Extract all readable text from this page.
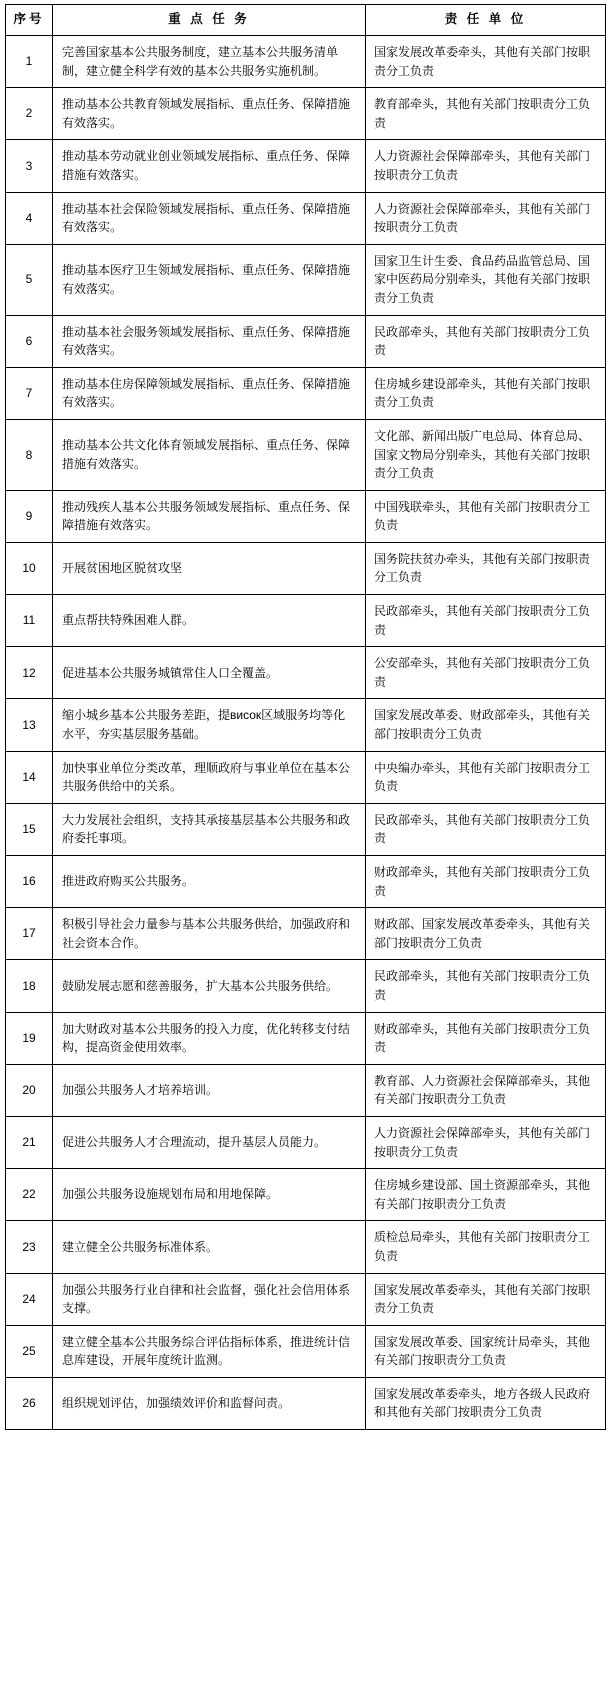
序号	重 点 任 务	责 任 单 位
1	完善国家基本公共服务制度，建立基本公共服务清单制，建立健全科学有效的基本公共服务实施机制。	国家发展改革委牵头，其他有关部门按职责分工负责
2	推动基本公共教育领域发展指标、重点任务、保障措施有效落实。	教育部牵头，其他有关部门按职责分工负责
3	推动基本劳动就业创业领域发展指标、重点任务、保障措施有效落实。	人力资源社会保障部牵头，其他有关部门按职责分工负责
4	推动基本社会保险领域发展指标、重点任务、保障措施有效落实。	人力资源社会保障部牵头，其他有关部门按职责分工负责
5	推动基本医疗卫生领域发展指标、重点任务、保障措施有效落实。	国家卫生计生委、食品药品监管总局、国家中医药局分别牵头，其他有关部门按职责分工负责
6	推动基本社会服务领域发展指标、重点任务、保障措施有效落实。	民政部牵头，其他有关部门按职责分工负责
7	推动基本住房保障领域发展指标、重点任务、保障措施有效落实。	住房城乡建设部牵头，其他有关部门按职责分工负责
8	推动基本公共文化体育领域发展指标、重点任务、保障措施有效落实。	文化部、新闻出版广电总局、体育总局、国家文物局分别牵头，其他有关部门按职责分工负责
9	推动残疾人基本公共服务领域发展指标、重点任务、保障措施有效落实。	中国残联牵头，其他有关部门按职责分工负责
10	开展贫困地区脱贫攻坚	国务院扶贫办牵头，其他有关部门按职责分工负责
11	重点帮扶特殊困难人群。	民政部牵头，其他有关部门按职责分工负责
12	促进基本公共服务城镇常住人口全覆盖。	公安部牵头，其他有关部门按职责分工负责
13	缩小城乡基本公共服务差距，提висок区域服务均等化水平，夯实基层服务基础。	国家发展改革委、财政部牵头，其他有关部门按职责分工负责
14	加快事业单位分类改革，理顺政府与事业单位在基本公共服务供给中的关系。	中央编办牵头，其他有关部门按职责分工负责
15	大力发展社会组织，支持其承接基层基本公共服务和政府委托事项。	民政部牵头，其他有关部门按职责分工负责
16	推进政府购买公共服务。	财政部牵头，其他有关部门按职责分工负责
17	积极引导社会力量参与基本公共服务供给，加强政府和社会资本合作。	财政部、国家发展改革委牵头，其他有关部门按职责分工负责
18	鼓励发展志愿和慈善服务，扩大基本公共服务供给。	民政部牵头，其他有关部门按职责分工负责
19	加大财政对基本公共服务的投入力度，优化转移支付结构，提高资金使用效率。	财政部牵头，其他有关部门按职责分工负责
20	加强公共服务人才培养培训。	教育部、人力资源社会保障部牵头，其他有关部门按职责分工负责
21	促进公共服务人才合理流动，提升基层人员能力。	人力资源社会保障部牵头，其他有关部门按职责分工负责
22	加强公共服务设施规划布局和用地保障。	住房城乡建设部、国土资源部牵头，其他有关部门按职责分工负责
23	建立健全公共服务标准体系。	质检总局牵头，其他有关部门按职责分工负责
24	加强公共服务行业自律和社会监督，强化社会信用体系支撑。	国家发展改革委牵头，其他有关部门按职责分工负责
25	建立健全基本公共服务综合评估指标体系，推进统计信息库建设，开展年度统计监测。	国家发展改革委、国家统计局牵头，其他有关部门按职责分工负责
26	组织规划评估，加强绩效评价和监督问责。	国家发展改革委牵头，地方各级人民政府和其他有关部门按职责分工负责
